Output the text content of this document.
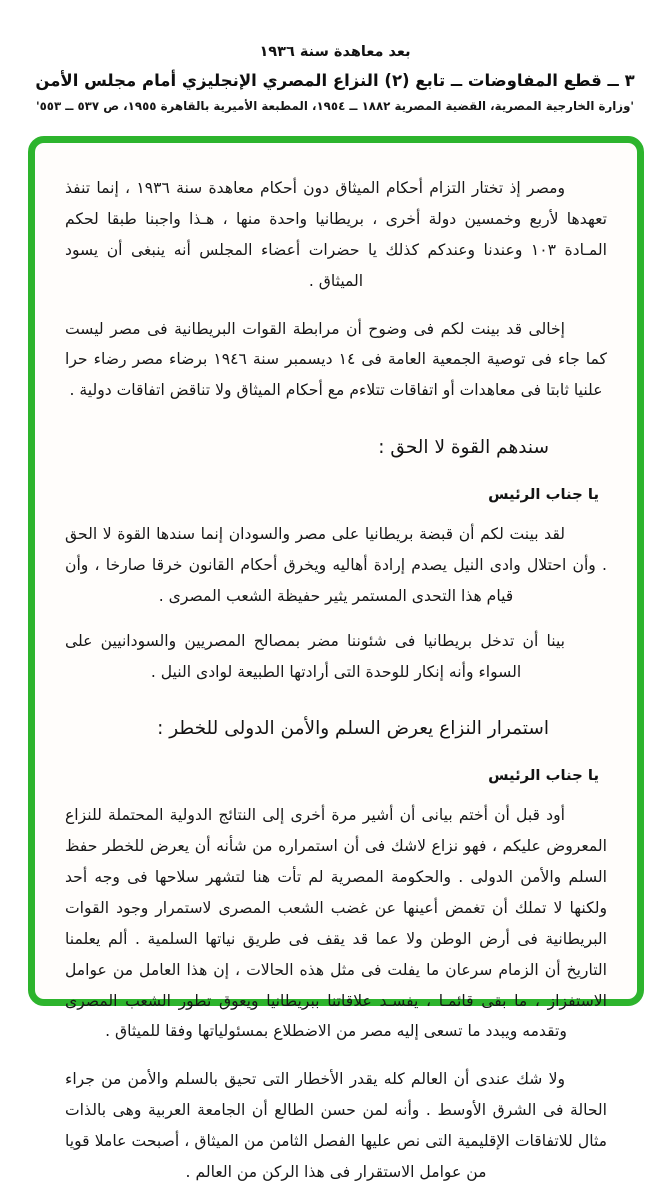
بعد معاهدة سنة ١٩٣٦
٣ ــ قطع المفاوضات ــ تابع (٢) النزاع المصري الإنجليزي أمام مجلس الأمن
'وزارة الخارجية المصرية، القضية المصرية ١٨٨٢ ــ ١٩٥٤، المطبعة الأميرية بالقاهرة ١٩٥٥، ص ٥٣٧ ــ ٥٥٣'

ومصر إذ تختار التزام أحكام الميثاق دون أحكام معاهدة سنة ١٩٣٦ ، إنما تنفذ تعهدها لأربع وخمسين دولة أخرى ، بريطانيا واحدة منها ، هـذا واجبنا طبقا لحكم المـادة ١٠٣ وعندنا وعندكم كذلك يا حضرات أعضاء المجلس أنه ينبغى أن يسود الميثاق .

إخالى قد بينت لكم فى وضوح أن مرابطة القوات البريطانية فى مصر ليست كما جاء فى توصية الجمعية العامة فى ١٤ ديسمبر سنة ١٩٤٦ برضاء مصر رضاء حرا علنيا ثابتا فى معاهدات أو اتفاقات تتلاءم مع أحكام الميثاق ولا تناقض اتفاقات دولية .

سندهم القوة لا الحق :
يا جناب الرئيس

لقد بينت لكم أن قبضة بريطانيا على مصر والسودان إنما سندها القوة لا الحق . وأن احتلال وادى النيل يصدم إرادة أهاليه ويخرق أحكام القانون خرقا صارخا ، وأن قيام هذا التحدى المستمر يثير حفيظة الشعب المصرى .

بينا أن تدخل بريطانيا فى شئوننا مضر بمصالح المصريين والسودانيين على السواء وأنه إنكار للوحدة التى أرادتها الطبيعة لوادى النيل .

استمرار النزاع يعرض السلم والأمن الدولى للخطر :
يا جناب الرئيس

أود قبل أن أختم بيانى أن أشير مرة أخرى إلى النتائج الدولية المحتملة للنزاع المعروض عليكم ، فهو نزاع لاشك فى أن استمراره من شأنه أن يعرض للخطر حفظ السلم والأمن الدولى . والحكومة المصرية لم تأت هنا لتشهر سلاحها فى وجه أحد ولكنها لا تملك أن تغمض أعينها عن غضب الشعب المصرى لاستمرار وجود القوات البريطانية فى أرض الوطن ولا عما قد يقف فى طريق نياتها السلمية . ألم يعلمنا التاريخ أن الزمام سرعان ما يفلت فى مثل هذه الحالات ، إن هذا العامل من عوامل الاستفزاز ، ما بقى قائمـا ، يفسـد علاقاتنا ببريطانيا ويعوق تطور الشعب المصرى وتقدمه ويبدد ما تسعى إليه مصر من الاضطلاع بمسئولياتها وفقا للميثاق .

ولا شك عندى أن العالم كله يقدر الأخطار التى تحيق بالسلم والأمن من جراء الحالة فى الشرق الأوسط . وأنه لمن حسن الطالع أن الجامعة العربية وهى بالذات مثال للاتفاقات الإقليمية التى نص عليها الفصل الثامن من الميثاق ، أصبحت عاملا قويا من عوامل الاستقرار فى هذا الركن من العالم .
